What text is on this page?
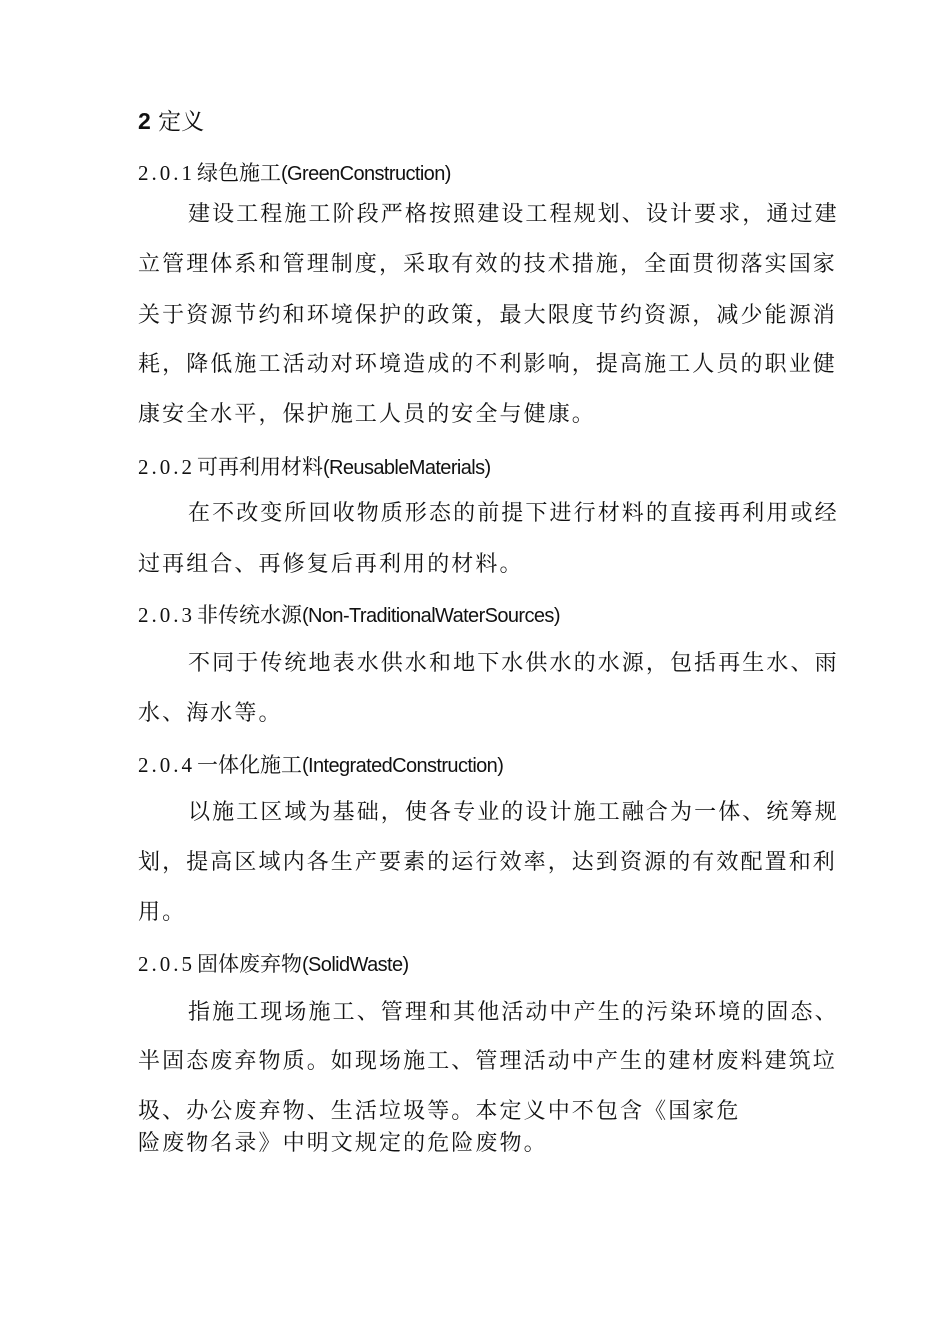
2 定义
2.0.1绿色施工(GreenConstruction)
建设工程施工阶段严格按照建设工程规划、设计要求，通过建
立管理体系和管理制度，采取有效的技术措施，全面贯彻落实国家
关于资源节约和环境保护的政策，最大限度节约资源，减少能源消
耗，降低施工活动对环境造成的不利影响，提高施工人员的职业健
康安全水平，保护施工人员的安全与健康。
2.0.2可再利用材料(ReusableMaterials)
在不改变所回收物质形态的前提下进行材料的直接再利用或经
过再组合、再修复后再利用的材料。
2.0.3非传统水源(Non-TraditionalWaterSources)
不同于传统地表水供水和地下水供水的水源，包括再生水、雨
水、海水等。
2.0.4一体化施工(IntegratedConstruction)
以施工区域为基础，使各专业的设计施工融合为一体、统筹规
划，提高区域内各生产要素的运行效率，达到资源的有效配置和利
用。
2.0.5固体废弃物(SolidWaste)
指施工现场施工、管理和其他活动中产生的污染环境的固态、
半固态废弃物质。如现场施工、管理活动中产生的建材废料建筑垃
圾、办公废弃物、生活垃圾等。本定义中不包含《国家危
险废物名录》中明文规定的危险废物。
